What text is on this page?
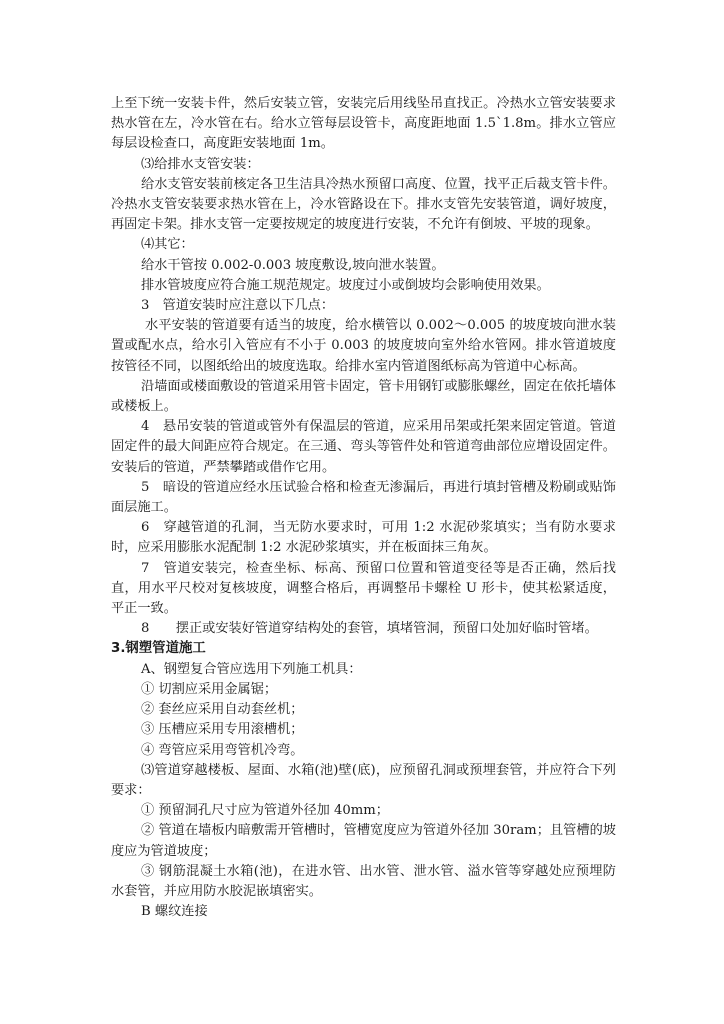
上至下统一安装卡件，然后安装立管，安装完后用线坠吊直找正。冷热水立管安装要求热水管在左，冷水管在右。给水立管每层设管卡，高度距地面 1.5`1.8m。排水立管应每层设检查口，高度距安装地面 1m。

⑶给排水支管安装：

给水支管安装前核定各卫生洁具冷热水预留口高度、位置，找平正后裁支管卡件。冷热水支管安装要求热水管在上，冷水管路设在下。排水支管先安装管道，调好坡度，再固定卡架。排水支管一定要按规定的坡度进行安装，不允许有倒坡、平坡的现象。

⑷其它：

给水干管按 0.002-0.003 坡度敷设,坡向泄水装置。

排水管坡度应符合施工规范规定。坡度过小或倒坡均会影响使用效果。

3　管道安装时应注意以下几点：

水平安装的管道要有适当的坡度，给水横管以 0.002～0.005 的坡度坡向泄水装置或配水点，给水引入管应有不小于 0.003 的坡度坡向室外给水管网。排水管道坡度按管径不同，以图纸给出的坡度选取。给排水室内管道图纸标高为管道中心标高。

沿墙面或楼面敷设的管道采用管卡固定，管卡用钢钉或膨胀螺丝，固定在依托墙体或楼板上。

4　悬吊安装的管道或管外有保温层的管道，应采用吊架或托架来固定管道。管道固定件的最大间距应符合规定。在三通、弯头等管件处和管道弯曲部位应增设固定件。安装后的管道，严禁攀踏或借作它用。

5　暗设的管道应经水压试验合格和检查无渗漏后，再进行填封管槽及粉刷或贴饰面层施工。

6　穿越管道的孔洞，当无防水要求时，可用 1:2 水泥砂浆填实；当有防水要求时，应采用膨胀水泥配制 1:2 水泥砂浆填实，并在板面抹三角灰。

7　管道安装完，检查坐标、标高、预留口位置和管道变径等是否正确，然后找直，用水平尺校对复核坡度，调整合格后，再调整吊卡螺栓 U 形卡，使其松紧适度，平正一致。

8　　摆正或安装好管道穿结构处的套管，填堵管洞，预留口处加好临时管堵。

3.钢塑管道施工

A、钢塑复合管应选用下列施工机具：

① 切割应采用金属锯；

② 套丝应采用自动套丝机；

③ 压槽应采用专用滚槽机；

④ 弯管应采用弯管机冷弯。

⑶管道穿越楼板、屋面、水箱(池)壁(底)，应预留孔洞或预埋套管，并应符合下列要求：

① 预留洞孔尺寸应为管道外径加 40mm；

② 管道在墙板内暗敷需开管槽时，管槽宽度应为管道外径加 30ram；且管槽的坡度应为管道坡度；

③ 钢筋混凝土水箱(池)，在进水管、出水管、泄水管、溢水管等穿越处应预埋防水套管，并应用防水胶泥嵌填密实。

B 螺纹连接
